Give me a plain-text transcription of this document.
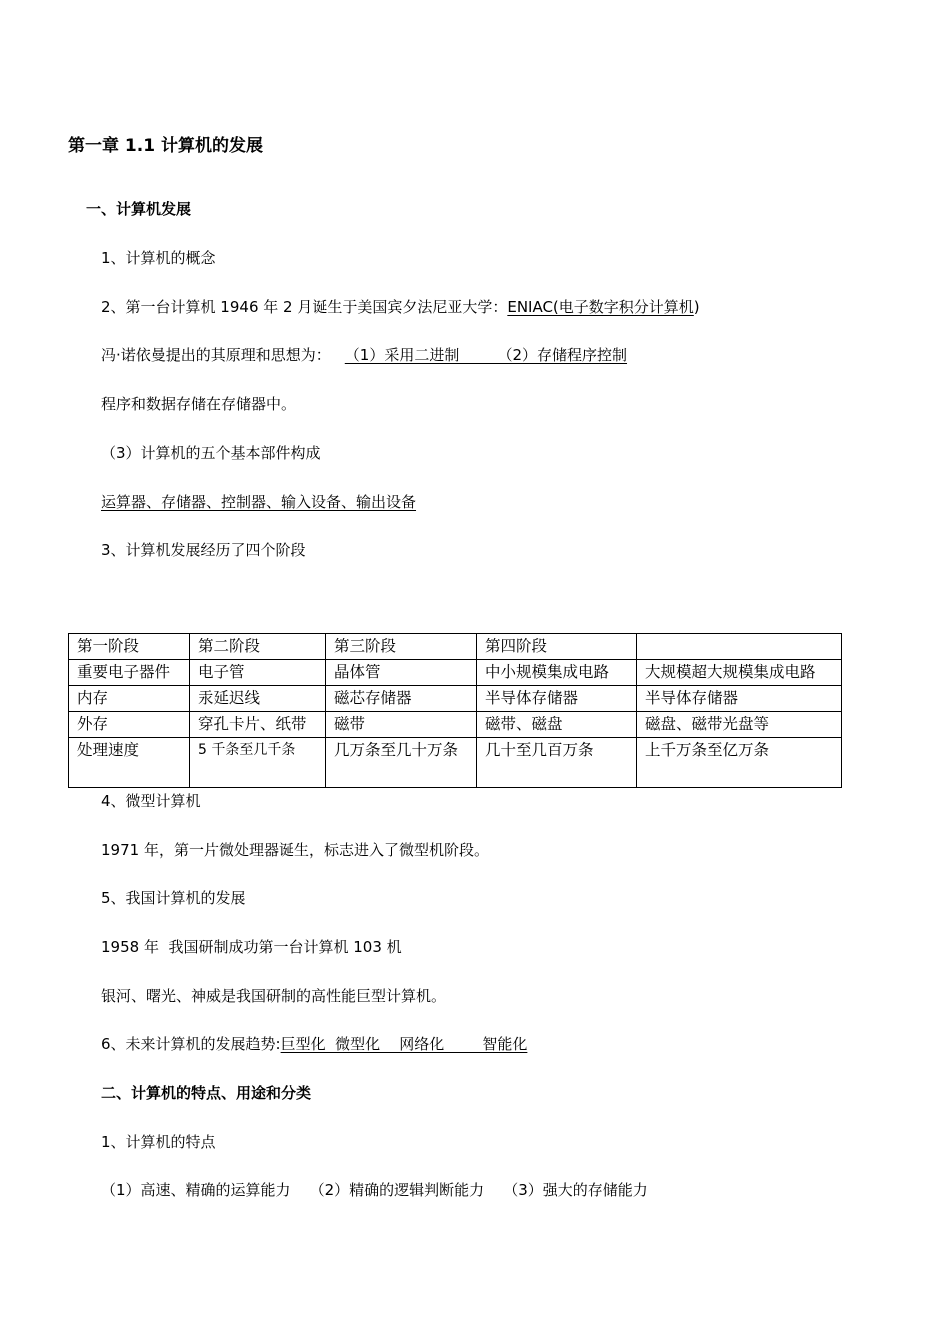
第一章 1.1 计算机的发展
一、计算机发展
1、计算机的概念
2、第一台计算机 1946 年 2 月诞生于美国宾夕法尼亚大学：ENIAC(电子数字积分计算机)
冯·诺依曼提出的其原理和思想为： （1）采用二进制        （2）存储程序控制
程序和数据存储在存储器中。
（3）计算机的五个基本部件构成
运算器、存储器、控制器、输入设备、输出设备
3、计算机发展经历了四个阶段
第一阶段	第二阶段	第三阶段	第四阶段	
重要电子器件	电子管	晶体管	中小规模集成电路	大规模超大规模集成电路
内存	汞延迟线	磁芯存储器	半导体存储器	半导体存储器
外存	穿孔卡片、纸带	磁带	磁带、磁盘	磁盘、磁带光盘等
处理速度	5 千条至几千条	几万条至几十万条	几十至几百万条	上千万条至亿万条
4、微型计算机
1971 年，第一片微处理器诞生，标志进入了微型机阶段。
5、我国计算机的发展
1958 年  我国研制成功第一台计算机 103 机
银河、曙光、神威是我国研制的高性能巨型计算机。
6、未来计算机的发展趋势:巨型化  微型化    网络化        智能化
二、计算机的特点、用途和分类
1、计算机的特点
（1）高速、精确的运算能力    （2）精确的逻辑判断能力    （3）强大的存储能力
